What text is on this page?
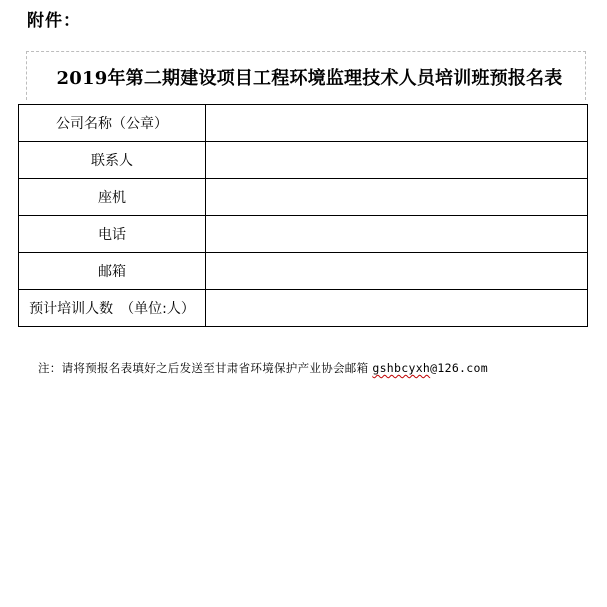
附件：
2019年第二期建设项目工程环境监理技术人员培训班预报名表
公司名称（公章）	
联系人	
座机	
电话	
邮箱	
预计培训人数　（单位:人）	
注：请将预报名表填好之后发送至甘肃省环境保护产业协会邮箱 gshbcyxh@126.com
